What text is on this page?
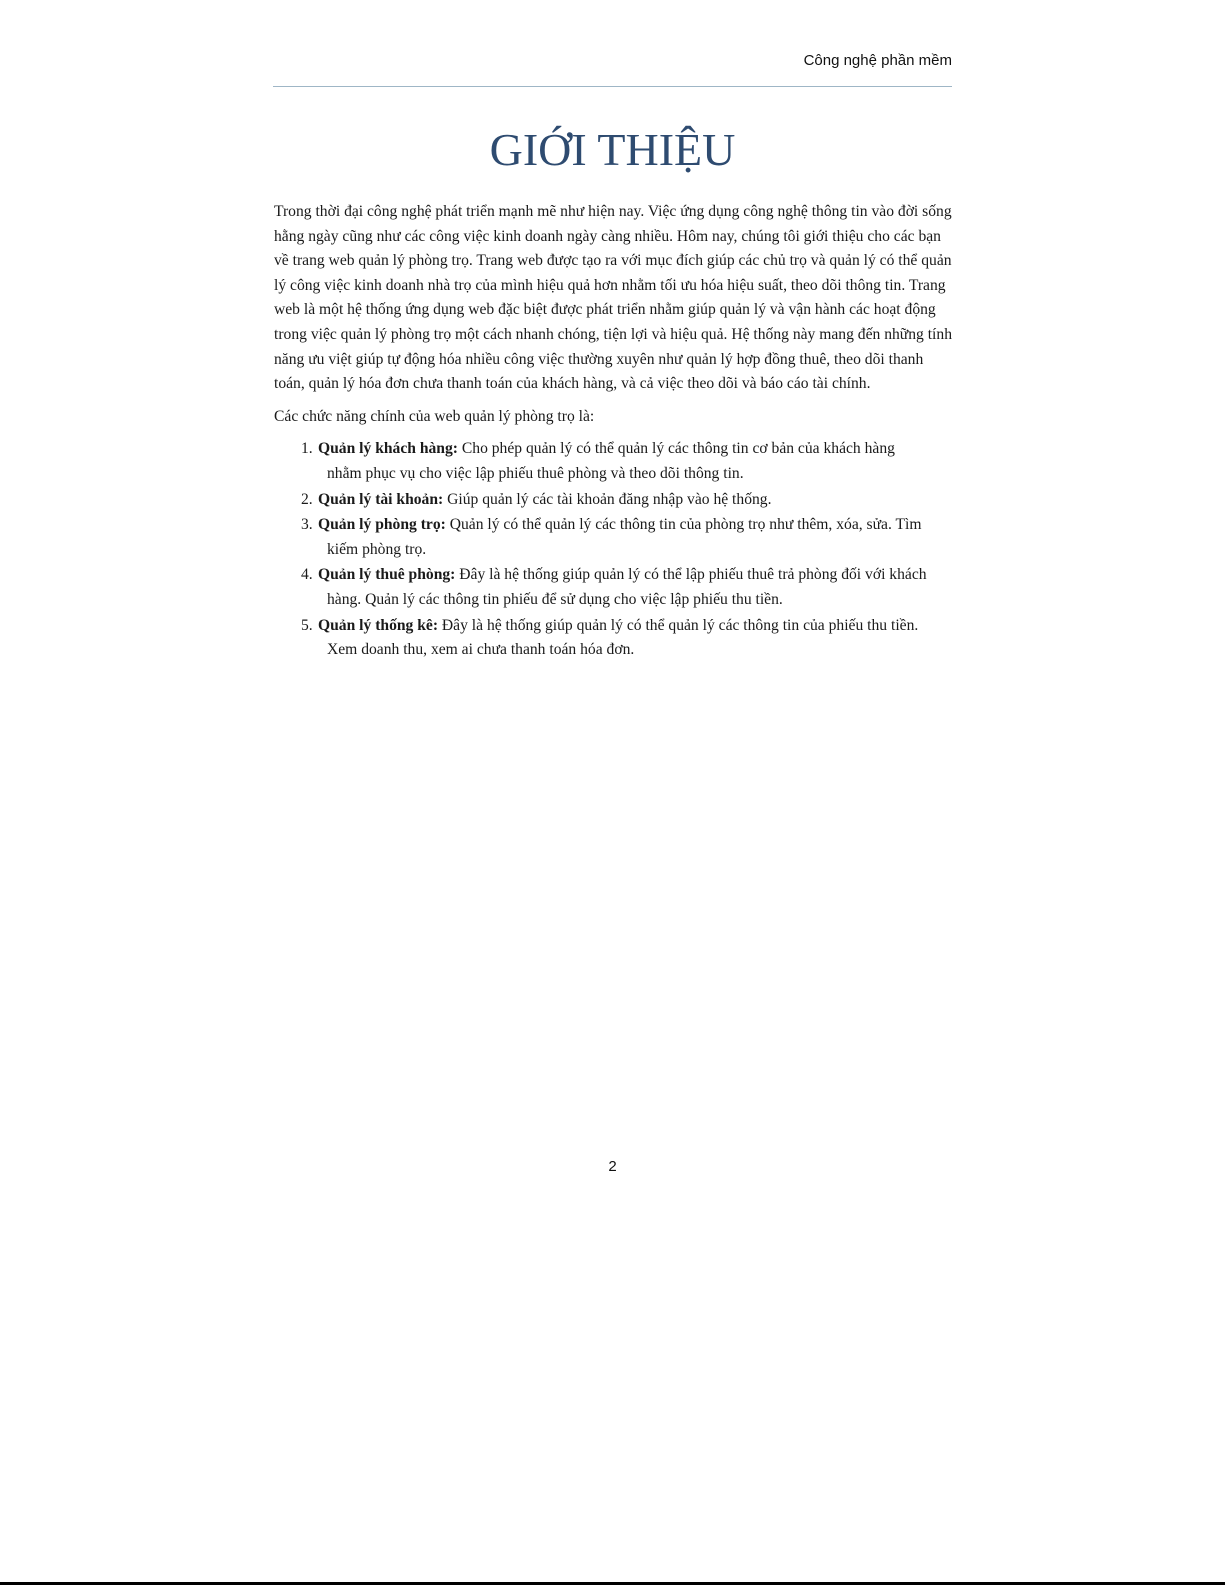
Công nghệ phần mềm
GIỚI THIỆU

Trong thời đại công nghệ phát triển mạnh mẽ như hiện nay. Việc ứng dụng công nghệ thông tin vào đời sống hằng ngày cũng như các công việc kinh doanh ngày càng nhiều. Hôm nay, chúng tôi giới thiệu cho các bạn về trang web quản lý phòng trọ. Trang web được tạo ra với mục đích giúp các chủ trọ và quản lý có thể quản lý công việc kinh doanh nhà trọ của mình hiệu quả hơn nhằm tối ưu hóa hiệu suất, theo dõi thông tin. Trang web là một hệ thống ứng dụng web đặc biệt được phát triển nhằm giúp quản lý và vận hành các hoạt động trong việc quản lý phòng trọ một cách nhanh chóng, tiện lợi và hiệu quả. Hệ thống này mang đến những tính năng ưu việt giúp tự động hóa nhiều công việc thường xuyên như quản lý hợp đồng thuê, theo dõi thanh toán, quản lý hóa đơn chưa thanh toán của khách hàng, và cả việc theo dõi và báo cáo tài chính.

Các chức năng chính của web quản lý phòng trọ là:

1. Quản lý khách hàng: Cho phép quản lý có thể quản lý các thông tin cơ bản của khách hàng nhằm phục vụ cho việc lập phiếu thuê phòng và theo dõi thông tin.
2. Quản lý tài khoản: Giúp quản lý các tài khoản đăng nhập vào hệ thống.
3. Quản lý phòng trọ: Quản lý có thể quản lý các thông tin của phòng trọ như thêm, xóa, sửa. Tìm kiếm phòng trọ.
4. Quản lý thuê phòng: Đây là hệ thống giúp quản lý có thể lập phiếu thuê trả phòng đối với khách hàng. Quản lý các thông tin phiếu để sử dụng cho việc lập phiếu thu tiền.
5. Quản lý thống kê: Đây là hệ thống giúp quản lý có thể quản lý các thông tin của phiếu thu tiền. Xem doanh thu, xem ai chưa thanh toán hóa đơn.
2
